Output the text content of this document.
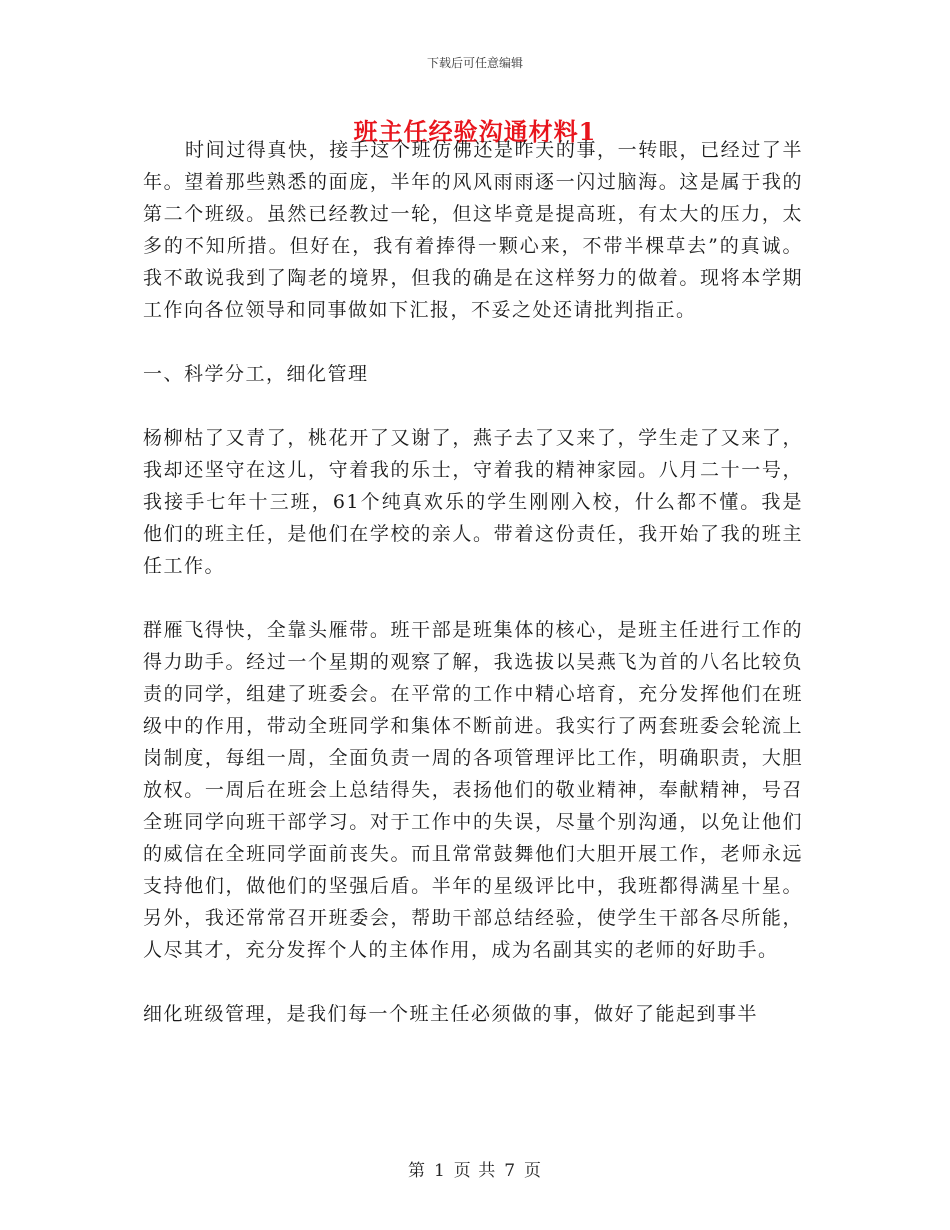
下载后可任意编辑
班主任经验沟通材料1

时间过得真快，接手这个班仿佛还是昨天的事，一转眼，已经过了半年。望着那些熟悉的面庞，半年的风风雨雨逐一闪过脑海。这是属于我的第二个班级。虽然已经教过一轮，但这毕竟是提高班，有太大的压力，太多的不知所措。但好在，我有着捧得一颗心来，不带半棵草去”的真诚。我不敢说我到了陶老的境界，但我的确是在这样努力的做着。现将本学期工作向各位领导和同事做如下汇报，不妥之处还请批判指正。

一、科学分工，细化管理

杨柳枯了又青了，桃花开了又谢了，燕子去了又来了，学生走了又来了，我却还坚守在这儿，守着我的乐士，守着我的精神家园。八月二十一号，我接手七年十三班，61个纯真欢乐的学生刚刚入校，什么都不懂。我是他们的班主任，是他们在学校的亲人。带着这份责任，我开始了我的班主任工作。

群雁飞得快，全靠头雁带。班干部是班集体的核心，是班主任进行工作的得力助手。经过一个星期的观察了解，我选拔以吴燕飞为首的八名比较负责的同学，组建了班委会。在平常的工作中精心培育，充分发挥他们在班级中的作用，带动全班同学和集体不断前进。我实行了两套班委会轮流上岗制度，每组一周，全面负责一周的各项管理评比工作，明确职责，大胆放权。一周后在班会上总结得失，表扬他们的敬业精神，奉献精神，号召全班同学向班干部学习。对于工作中的失误，尽量个别沟通，以免让他们的威信在全班同学面前丧失。而且常常鼓舞他们大胆开展工作，老师永远支持他们，做他们的坚强后盾。半年的星级评比中，我班都得满星十星。另外，我还常常召开班委会，帮助干部总结经验，使学生干部各尽所能，人尽其才，充分发挥个人的主体作用，成为名副其实的老师的好助手。

细化班级管理，是我们每一个班主任必须做的事，做好了能起到事半

第 1 页 共 7 页
